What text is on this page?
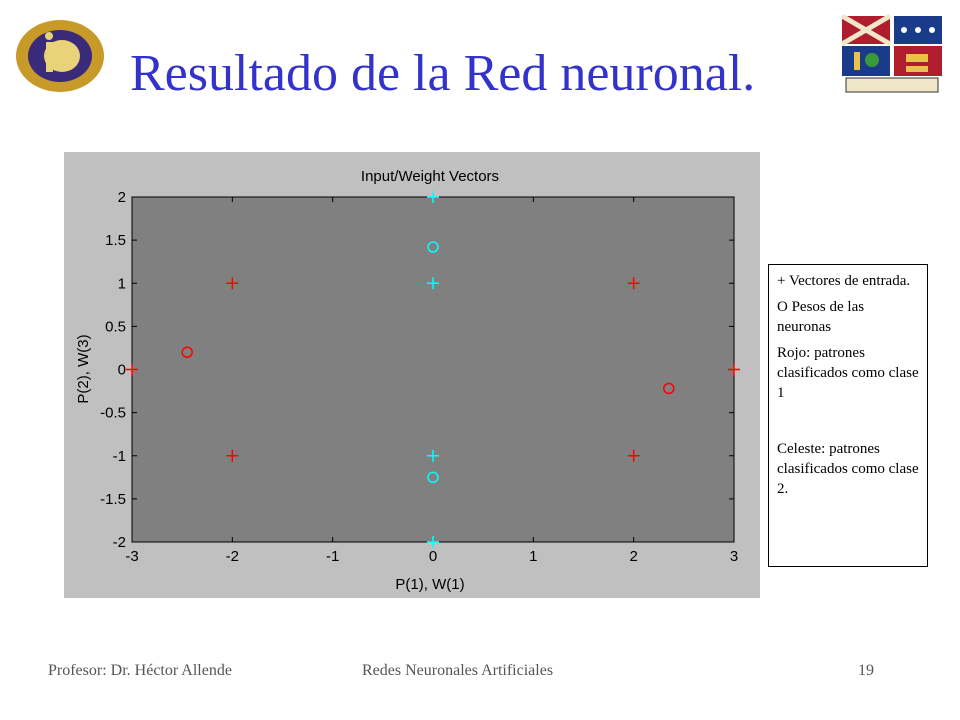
Resultado de la Red neuronal.
-3	-2	-1	0	1	2	3
-2
-1.5
-1
-0.5
0
0.5
1
1.5
2
Input/Weight Vectors
P(1), W(1)
P(2), W(3)

+ Vectores de entrada.

O Pesos de las neuronas

Rojo: patrones clasificados como clase 1

Celeste: patrones clasificados como clase 2.

Profesor: Dr. Héctor Allende	Redes Neuronales Artificiales	19
